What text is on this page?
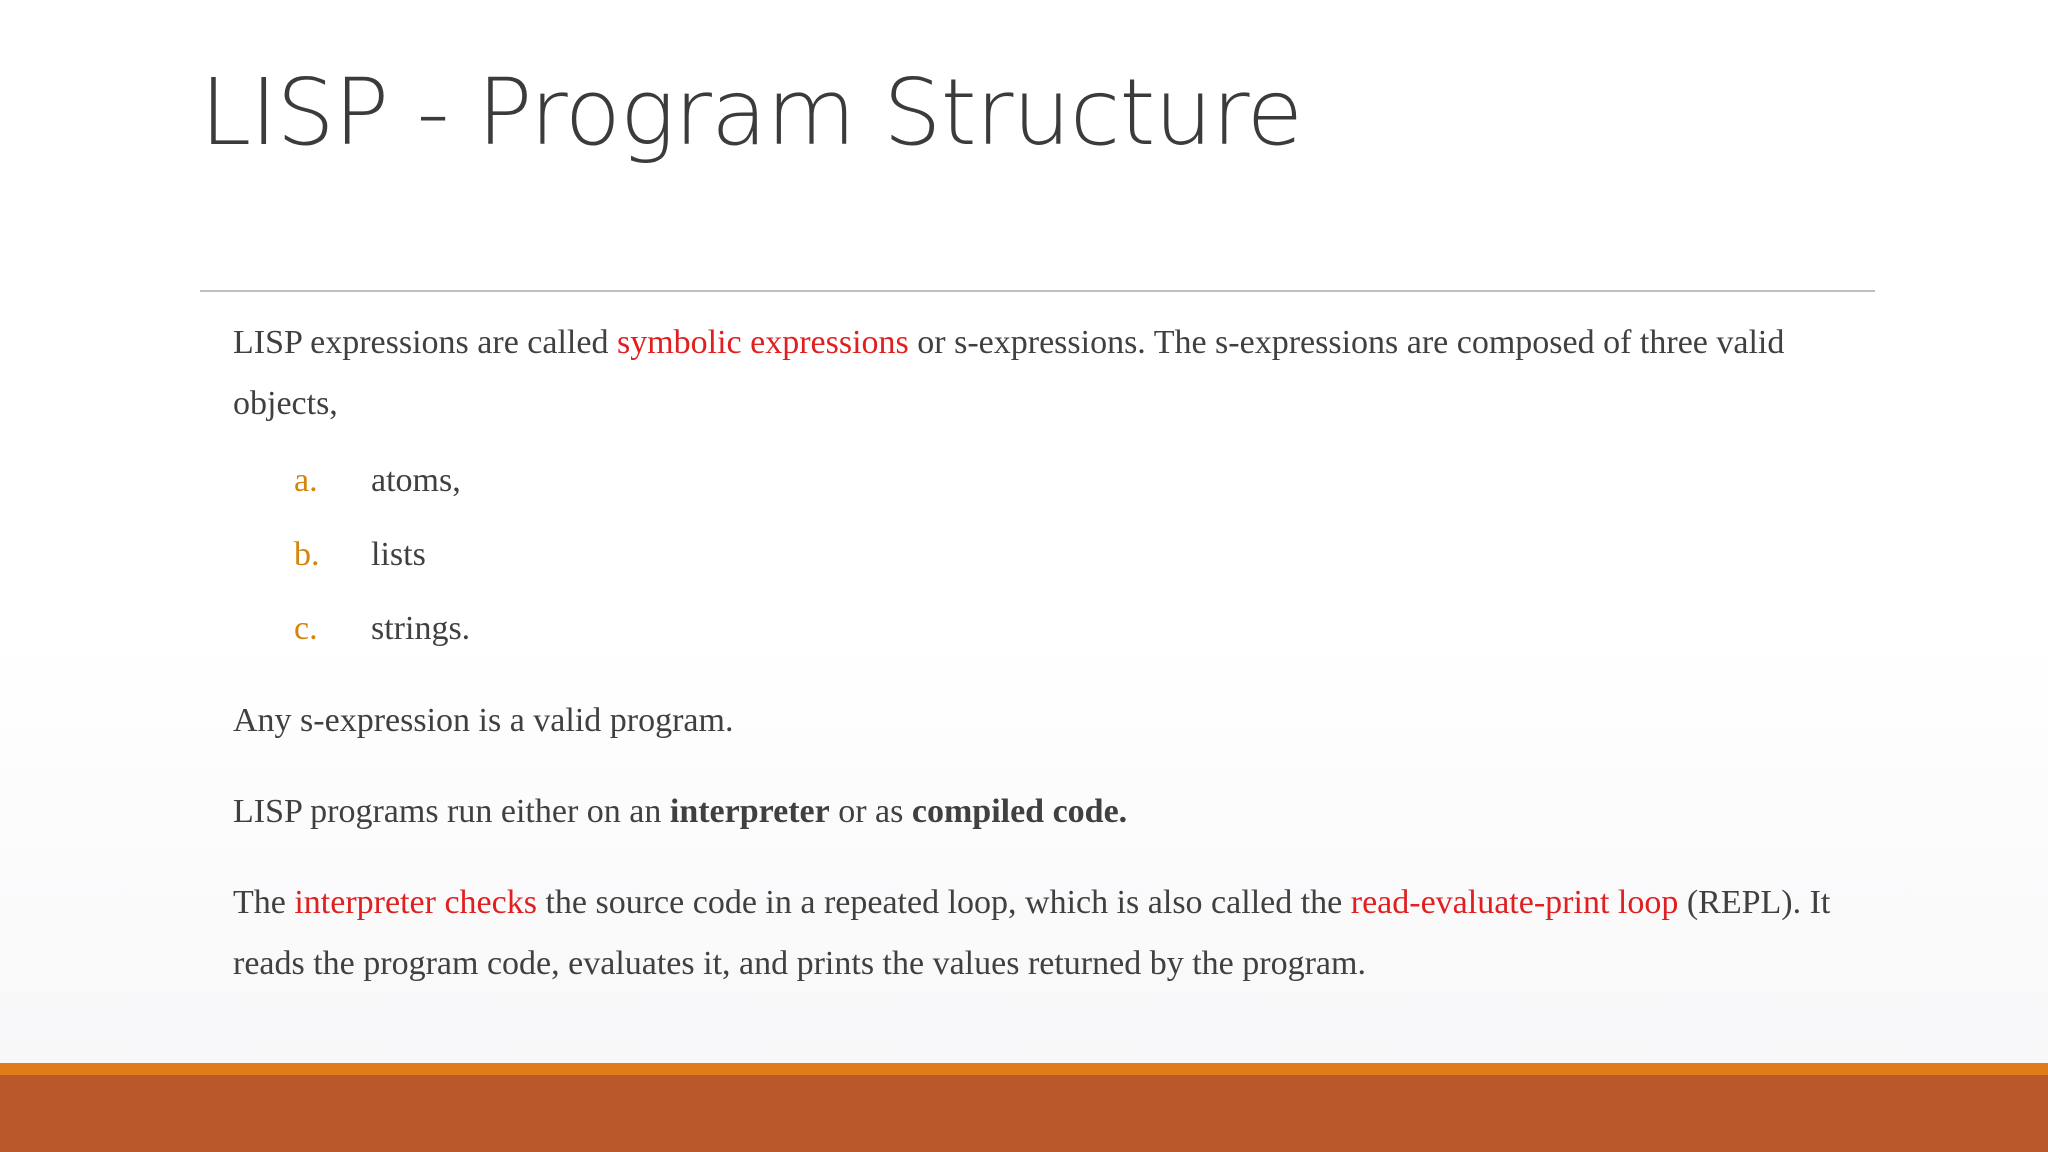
LISP - Program Structure

LISP expressions are called symbolic expressions or s-expressions. The s-expressions are composed of three valid objects,

a. atoms,
b. lists
c. strings.

Any s-expression is a valid program.

LISP programs run either on an interpreter or as compiled code.

The interpreter checks the source code in a repeated loop, which is also called the read-evaluate-print loop (REPL). It reads the program code, evaluates it, and prints the values returned by the program.
